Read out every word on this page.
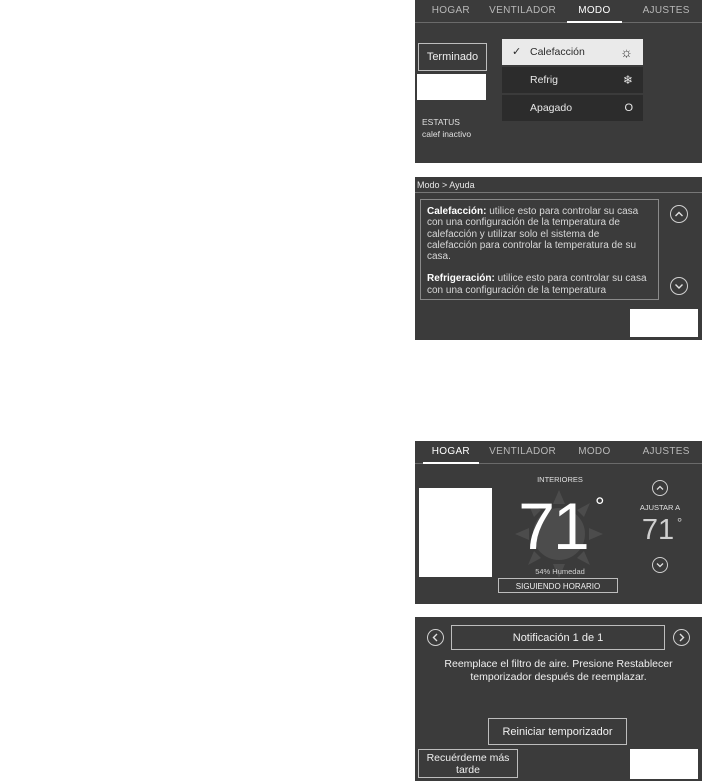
HOGAR	VENTILADOR	MODO	AJUSTES
Terminado
ESTATUS
calef inactivo
✓ Calefacción	☼
Refrig	❄
Apagado	O
Modo > Ayuda
Calefacción: utilice esto para controlar su casa con una configuración de la temperatura de calefacción y utilizar solo el sistema de calefacción para controlar la temperatura de su casa.
Refrigeración: utilice esto para controlar su casa con una configuración de la temperatura
HOGAR	VENTILADOR	MODO	AJUSTES
INTERIORES
71 °
54% Humedad
SIGUIENDO HORARIO
AJUSTAR A
71 °
Notificación 1 de 1
Reemplace el filtro de aire. Presione Restablecer
temporizador después de reemplazar.
Reiniciar temporizador
Recuérdeme más
tarde
